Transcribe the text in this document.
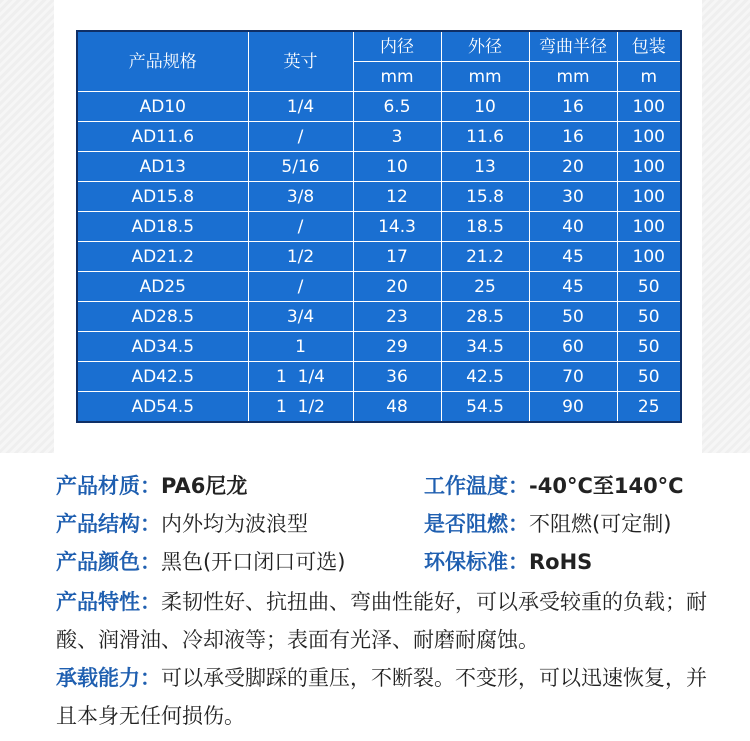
产品规格	英寸	内径	外径	弯曲半径	包装
		mm	mm	mm	m
AD10	1/4	6.5	10	16	100
AD11.6	/	3	11.6	16	100
AD13	5/16	10	13	20	100
AD15.8	3/8	12	15.8	30	100
AD18.5	/	14.3	18.5	40	100
AD21.2	1/2	17	21.2	45	100
AD25	/	20	25	45	50
AD28.5	3/4	23	28.5	50	50
AD34.5	1	29	34.5	60	50
AD42.5	1  1/4	36	42.5	70	50
AD54.5	1  1/2	48	54.5	90	25
产品材质：PA6尼龙	工作温度：-40°C至140°C
产品结构：内外均为波浪型	是否阻燃：不阻燃(可定制)
产品颜色：黑色(开口闭口可选)	环保标准：RoHS
产品特性：柔韧性好、抗扭曲、弯曲性能好，可以承受较重的负载；耐酸、润滑油、冷却液等；表面有光泽、耐磨耐腐蚀。
承载能力：可以承受脚踩的重压，不断裂。不变形，可以迅速恢复，并且本身无任何损伤。
